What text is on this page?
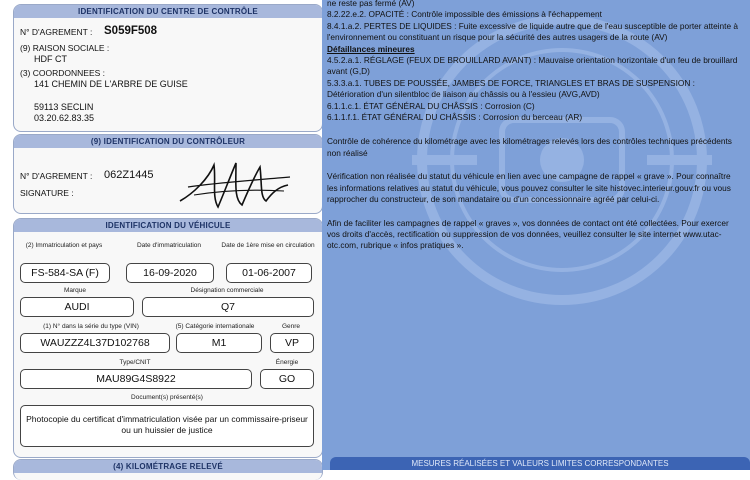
IDENTIFICATION DU CENTRE DE CONTRÔLE
N° D'AGREMENT : S059F508
(9) RAISON SOCIALE :
HDF CT
(3) COORDONNEES :
141 CHEMIN DE L'ARBRE DE GUISE
59113 SECLIN
03.20.62.83.35
(9) IDENTIFICATION DU CONTRÔLEUR
N° D'AGREMENT : 062Z1445
SIGNATURE :
IDENTIFICATION DU VÉHICULE
(2) Immatriculation et pays	Date d'immatriculation	Date de 1ère mise en circulation
FS-584-SA (F)	16-09-2020	01-06-2007
Marque	Désignation commerciale
AUDI	Q7
(1) N° dans la série du type (VIN)	(5) Catégorie internationale	Genre
WAUZZZ4L37D102768	M1	VP
Type/CNIT	Énergie
MAU89G4S8922	GO
Document(s) présenté(s)
Photocopie du certificat d'immatriculation visée par un commissaire-priseur ou un huissier de justice
(4) KILOMÉTRAGE RELEVÉ

ne reste pas fermé (AV)

8.2.22.e.2. OPACITÉ : Contrôle impossible des émissions à l'échappement

8.4.1.a.2. PERTES DE LIQUIDES : Fuite excessive de liquide autre que de l'eau susceptible de porter atteinte à l'environnement ou constituant un risque pour la sécurité des autres usagers de la route (AV)

Défaillances mineures

4.5.2.a.1. RÉGLAGE (FEUX DE BROUILLARD AVANT) : Mauvaise orientation horizontale d'un feu de brouillard avant (G,D)

5.3.3.a.1. TUBES DE POUSSÉE, JAMBES DE FORCE, TRIANGLES ET BRAS DE SUSPENSION : Détérioration d'un silentbloc de liaison au châssis ou à l'essieu (AVG,AVD)

6.1.1.c.1. ÉTAT GÉNÉRAL DU CHÂSSIS : Corrosion (C)

6.1.1.f.1. ÉTAT GÉNÉRAL DU CHÂSSIS : Corrosion du berceau (AR)

Contrôle de cohérence du kilométrage avec les kilométrages relevés lors des contrôles techniques précédents non réalisé

Vérification non réalisée du statut du véhicule en lien avec une campagne de rappel « grave ». Pour connaître les informations relatives au statut du véhicule, vous pouvez consulter le site histovec.interieur.gouv.fr ou vous rapprocher du constructeur, de son mandataire ou d'un concessionnaire agréé par celui-ci.

Afin de faciliter les campagnes de rappel « graves », vos données de contact ont été collectées. Pour exercer vos droits d'accès, rectification ou suppression de vos données, veuillez consulter le site internet www.utac-otc.com, rubrique « infos pratiques ».

MESURES RÉALISÉES ET VALEURS LIMITES CORRESPONDANTES
